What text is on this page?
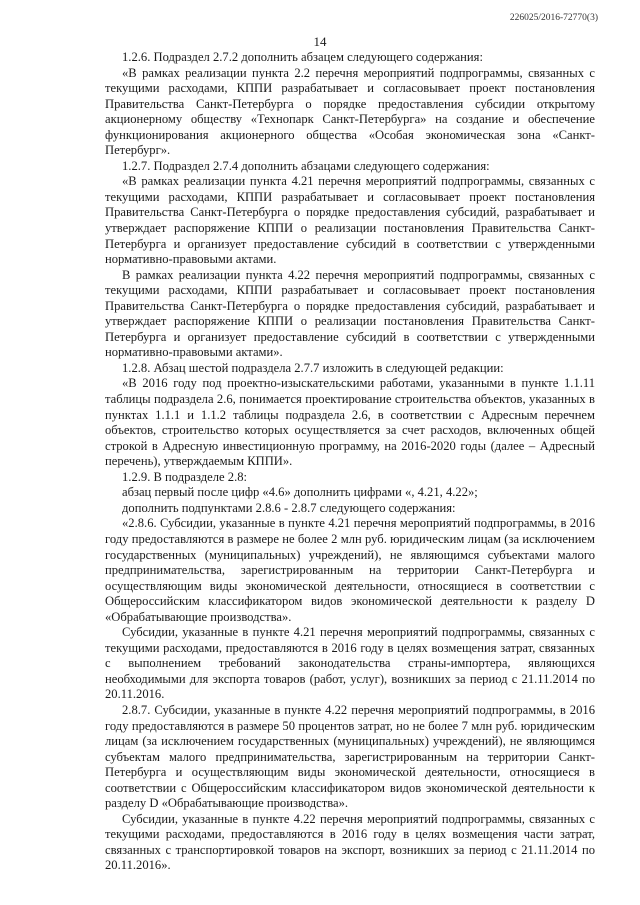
226025/2016-72770(3)
14

1.2.6. Подраздел 2.7.2 дополнить абзацем следующего содержания:

«В рамках реализации пункта 2.2 перечня мероприятий подпрограммы, связанных с текущими расходами, КППИ разрабатывает и согласовывает проект постановления Правительства Санкт-Петербурга о порядке предоставления субсидии открытому акционерному обществу «Технопарк Санкт-Петербурга» на создание и обеспечение функционирования акционерного общества «Особая экономическая зона «Санкт-Петербург».

1.2.7. Подраздел 2.7.4 дополнить абзацами следующего содержания:

«В рамках реализации пункта 4.21 перечня мероприятий подпрограммы, связанных с текущими расходами, КППИ разрабатывает и согласовывает проект постановления Правительства Санкт-Петербурга о порядке предоставления субсидий, разрабатывает и утверждает распоряжение КППИ о реализации постановления Правительства Санкт-Петербурга и организует предоставление субсидий в соответствии с утвержденными нормативно-правовыми актами.

В рамках реализации пункта 4.22 перечня мероприятий подпрограммы, связанных с текущими расходами, КППИ разрабатывает и согласовывает проект постановления Правительства Санкт-Петербурга о порядке предоставления субсидий, разрабатывает и утверждает распоряжение КППИ о реализации постановления Правительства Санкт-Петербурга и организует предоставление субсидий в соответствии с утвержденными нормативно-правовыми актами».

1.2.8. Абзац шестой подраздела 2.7.7 изложить в следующей редакции:

«В 2016 году под проектно-изыскательскими работами, указанными в пункте 1.1.11 таблицы подраздела 2.6, понимается проектирование строительства объектов, указанных в пунктах 1.1.1 и 1.1.2 таблицы подраздела 2.6, в соответствии с Адресным перечнем объектов, строительство которых осуществляется за счет расходов, включенных общей строкой в Адресную инвестиционную программу, на 2016-2020 годы (далее – Адресный перечень), утверждаемым КППИ».

1.2.9. В подразделе 2.8:

абзац первый после цифр «4.6» дополнить цифрами «, 4.21, 4.22»;

дополнить подпунктами 2.8.6 - 2.8.7 следующего содержания:

«2.8.6. Субсидии, указанные в пункте 4.21 перечня мероприятий подпрограммы, в 2016 году предоставляются в размере не более 2 млн руб. юридическим лицам (за исключением государственных (муниципальных) учреждений), не являющимся субъектами малого предпринимательства, зарегистрированным на территории Санкт-Петербурга и осуществляющим виды экономической деятельности, относящиеся в соответствии с Общероссийским классификатором видов экономической деятельности к разделу D «Обрабатывающие производства».

Субсидии, указанные в пункте 4.21 перечня мероприятий подпрограммы, связанных с текущими расходами, предоставляются в 2016 году в целях возмещения затрат, связанных с выполнением требований законодательства страны-импортера, являющихся необходимыми для экспорта товаров (работ, услуг), возникших за период с 21.11.2014 по 20.11.2016.

2.8.7. Субсидии, указанные в пункте 4.22 перечня мероприятий подпрограммы, в 2016 году предоставляются в размере 50 процентов затрат, но не более 7 млн руб. юридическим лицам (за исключением государственных (муниципальных) учреждений), не являющимся субъектам малого предпринимательства, зарегистрированным на территории Санкт-Петербурга и осуществляющим виды экономической деятельности, относящиеся в соответствии с Общероссийским классификатором видов экономической деятельности к разделу D «Обрабатывающие производства».

Субсидии, указанные в пункте 4.22 перечня мероприятий подпрограммы, связанных с текущими расходами, предоставляются в 2016 году в целях возмещения части затрат, связанных с транспортировкой товаров на экспорт, возникших за период с 21.11.2014 по 20.11.2016».
